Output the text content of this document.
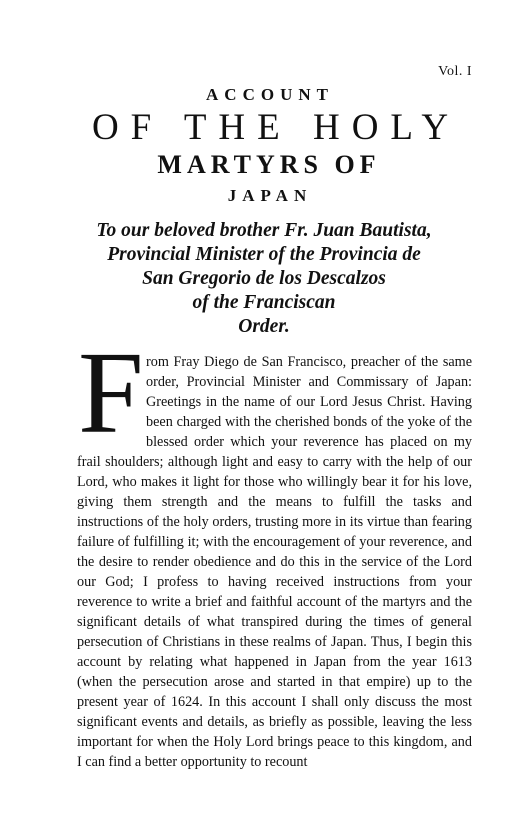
Vol. I
ACCOUNT
OF THE HOLY
MARTYRS OF
JAPAN
To our beloved brother Fr. Juan Bautista,
Provincial Minister of the Provincia de
San Gregorio de los Descalzos
of the Franciscan
Order.
F rom Fray Diego de San Francisco, preacher of the same order, Provincial Minister and Commissary of Japan: Greetings in the name of our Lord Jesus Christ. Having been charged with the cherished bonds of the yoke of the blessed order which your reverence has placed on my frail shoulders; although light and easy to carry with the help of our Lord, who makes it light for those who willingly bear it for his love, giving them strength and the means to fulfill the tasks and instructions of the holy orders, trusting more in its virtue than fearing failure of fulfilling it; with the encouragement of your reverence, and the desire to render obedience and do this in the service of the Lord our God; I profess to having received instructions from your reverence to write a brief and faithful account of the martyrs and the significant details of what transpired during the times of general persecution of Christians in these realms of Japan. Thus, I begin this account by relating what happened in Japan from the year 1613 (when the persecution arose and started in that empire) up to the present year of 1624. In this account I shall only discuss the most significant events and details, as briefly as possible, leaving the less important for when the Holy Lord brings peace to this kingdom, and I can find a better opportunity to recount
